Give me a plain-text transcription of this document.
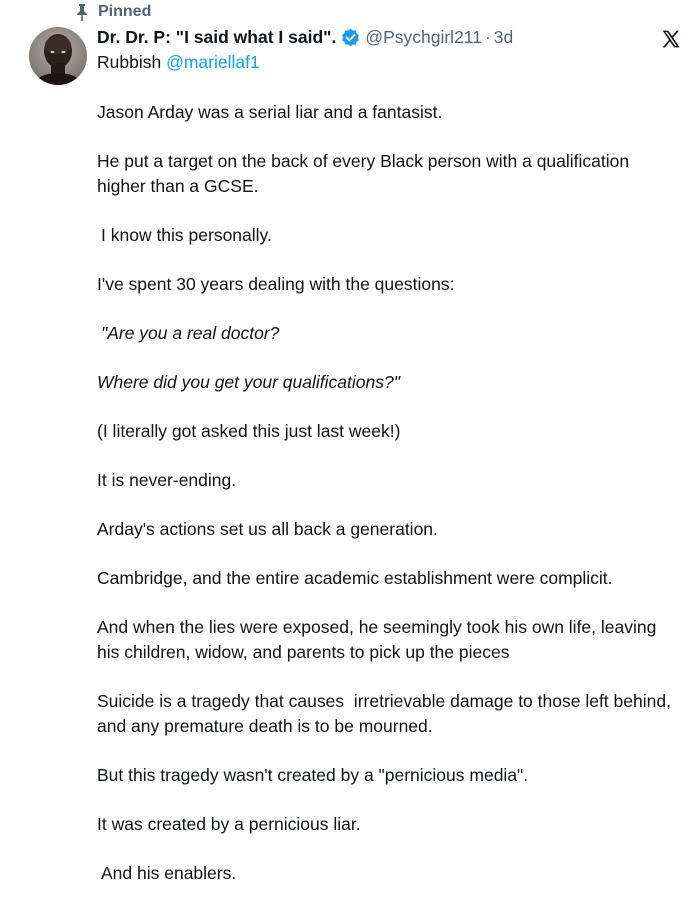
Pinned
Dr. Dr. P: "I said what I said". @Psychgirl211 · 3d
Rubbish @mariellaf1

Jason Arday was a serial liar and a fantasist.

He put a target on the back of every Black person with a qualification higher than a GCSE.

I know this personally.

I've spent 30 years dealing with the questions:

"Are you a real doctor?

Where did you get your qualifications?"

(I literally got asked this just last week!)

It is never-ending.

Arday's actions set us all back a generation.

Cambridge, and the entire academic establishment were complicit.

And when the lies were exposed, he seemingly took his own life, leaving his children, widow, and parents to pick up the pieces

Suicide is a tragedy that causes  irretrievable damage to those left behind, and any premature death is to be mourned.

But this tragedy wasn't created by a "pernicious media".

It was created by a pernicious liar.

And his enablers.
